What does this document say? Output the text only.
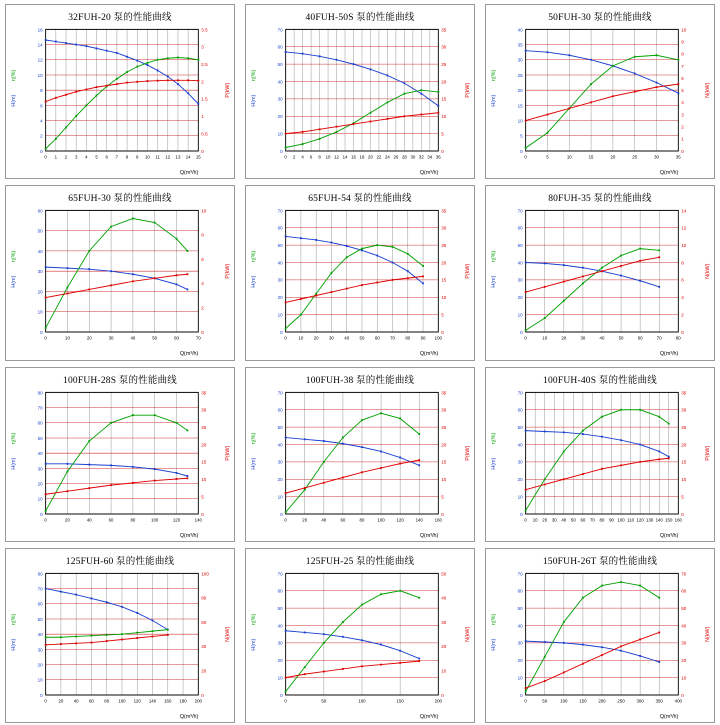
32FUH-20 泵的性能曲线
0
2
4
6
8
10
12
14
16
0
0.5
1
1.5
2
2.5
3
3.5
0 1 2 3 4 5 6 7 8 9 10 11 12 13 14 15
H(m)
η(%)
P(kW)
Q(m³/h)
40FUH-50S 泵的性能曲线
0
10
20
30
40
50
60
70
0
5
10
15
20
25
30
35
0 2 4 6 8 10 12 14 16 18 20 22 24 26 28 30 32 34 36
H(m)
η(%)
P(kW)
Q(m³/h)
50FUH-30 泵的性能曲线
0
5
10
15
20
25
30
35
40
0
1
2
3
4
5
6
7
8
9
10
0	5	10	15	20	25	30	35
H(m)
η(%)
N(kW)
Q(m³/h)
65FUH-30 泵的性能曲线
0
10
20
30
40
50
60
0
2
4
6
8
10
0	10	20	30	40	50	60	70
H(m)
η(%)
P(kW)
Q(m³/h)
65FUH-54 泵的性能曲线
0
10
20
30
40
50
60
70
0
5
10
15
20
25
30
35
0	10 20 30 40 50 60 70 80 90 100
H(m)
η(%)
P(kW)
Q(m³/h)
80FUH-35 泵的性能曲线
0
10
20
30
40
50
60
70
0
2
4
6
8
10
12
14
0	10	20	30	40	50	60	70	80
H(m)
η(%)
N(kW)
Q(m³/h)
100FUH-28S 泵的性能曲线
0
10
20
30
40
50
60
70
80
0
5
10
15
20
25
30
35
0	20	40	60	80	100	120	140
H(m)
η(%)
P(kW)
Q(m³/h)
100FUH-38 泵的性能曲线
0
10
20
30
40
50
60
70
0
5
10
15
20
25
30
35
0	20	40	60	80	100	120	140	160
H(m)
η(%)
P(kW)
Q(m³/h)
100FUH-40S 泵的性能曲线
0
10
20
30
40
50
60
70
0
5
10
15
20
25
30
35
0 10 20 30 40 50 60 70 80 90 100 110 120 130 140 150 160
H(m)
η(%)
P(kW)
Q(m³/h)
125FUH-60 泵的性能曲线
0
10
20
30
40
50
60
70
80
0
20
40
60
80
100
0	20 40 60 80 100 120 140 160 180 200
H(m)
η(%)
N(kW)
Q(m³/h)
125FUH-25 泵的性能曲线
0
10
20
30
40
50
60
70
0
10
20
30
40
50
0	50	100	150	200
H(m)
η(%)
N(kW)
Q(m³/h)
150FUH-26T 泵的性能曲线
0
10
20
30
40
50
60
70
0
10
20
30
40
50
60
70
0	50	100	150	200	250	300	350	400
H(m)
η(%)
N(kW)
Q(m³/h)
